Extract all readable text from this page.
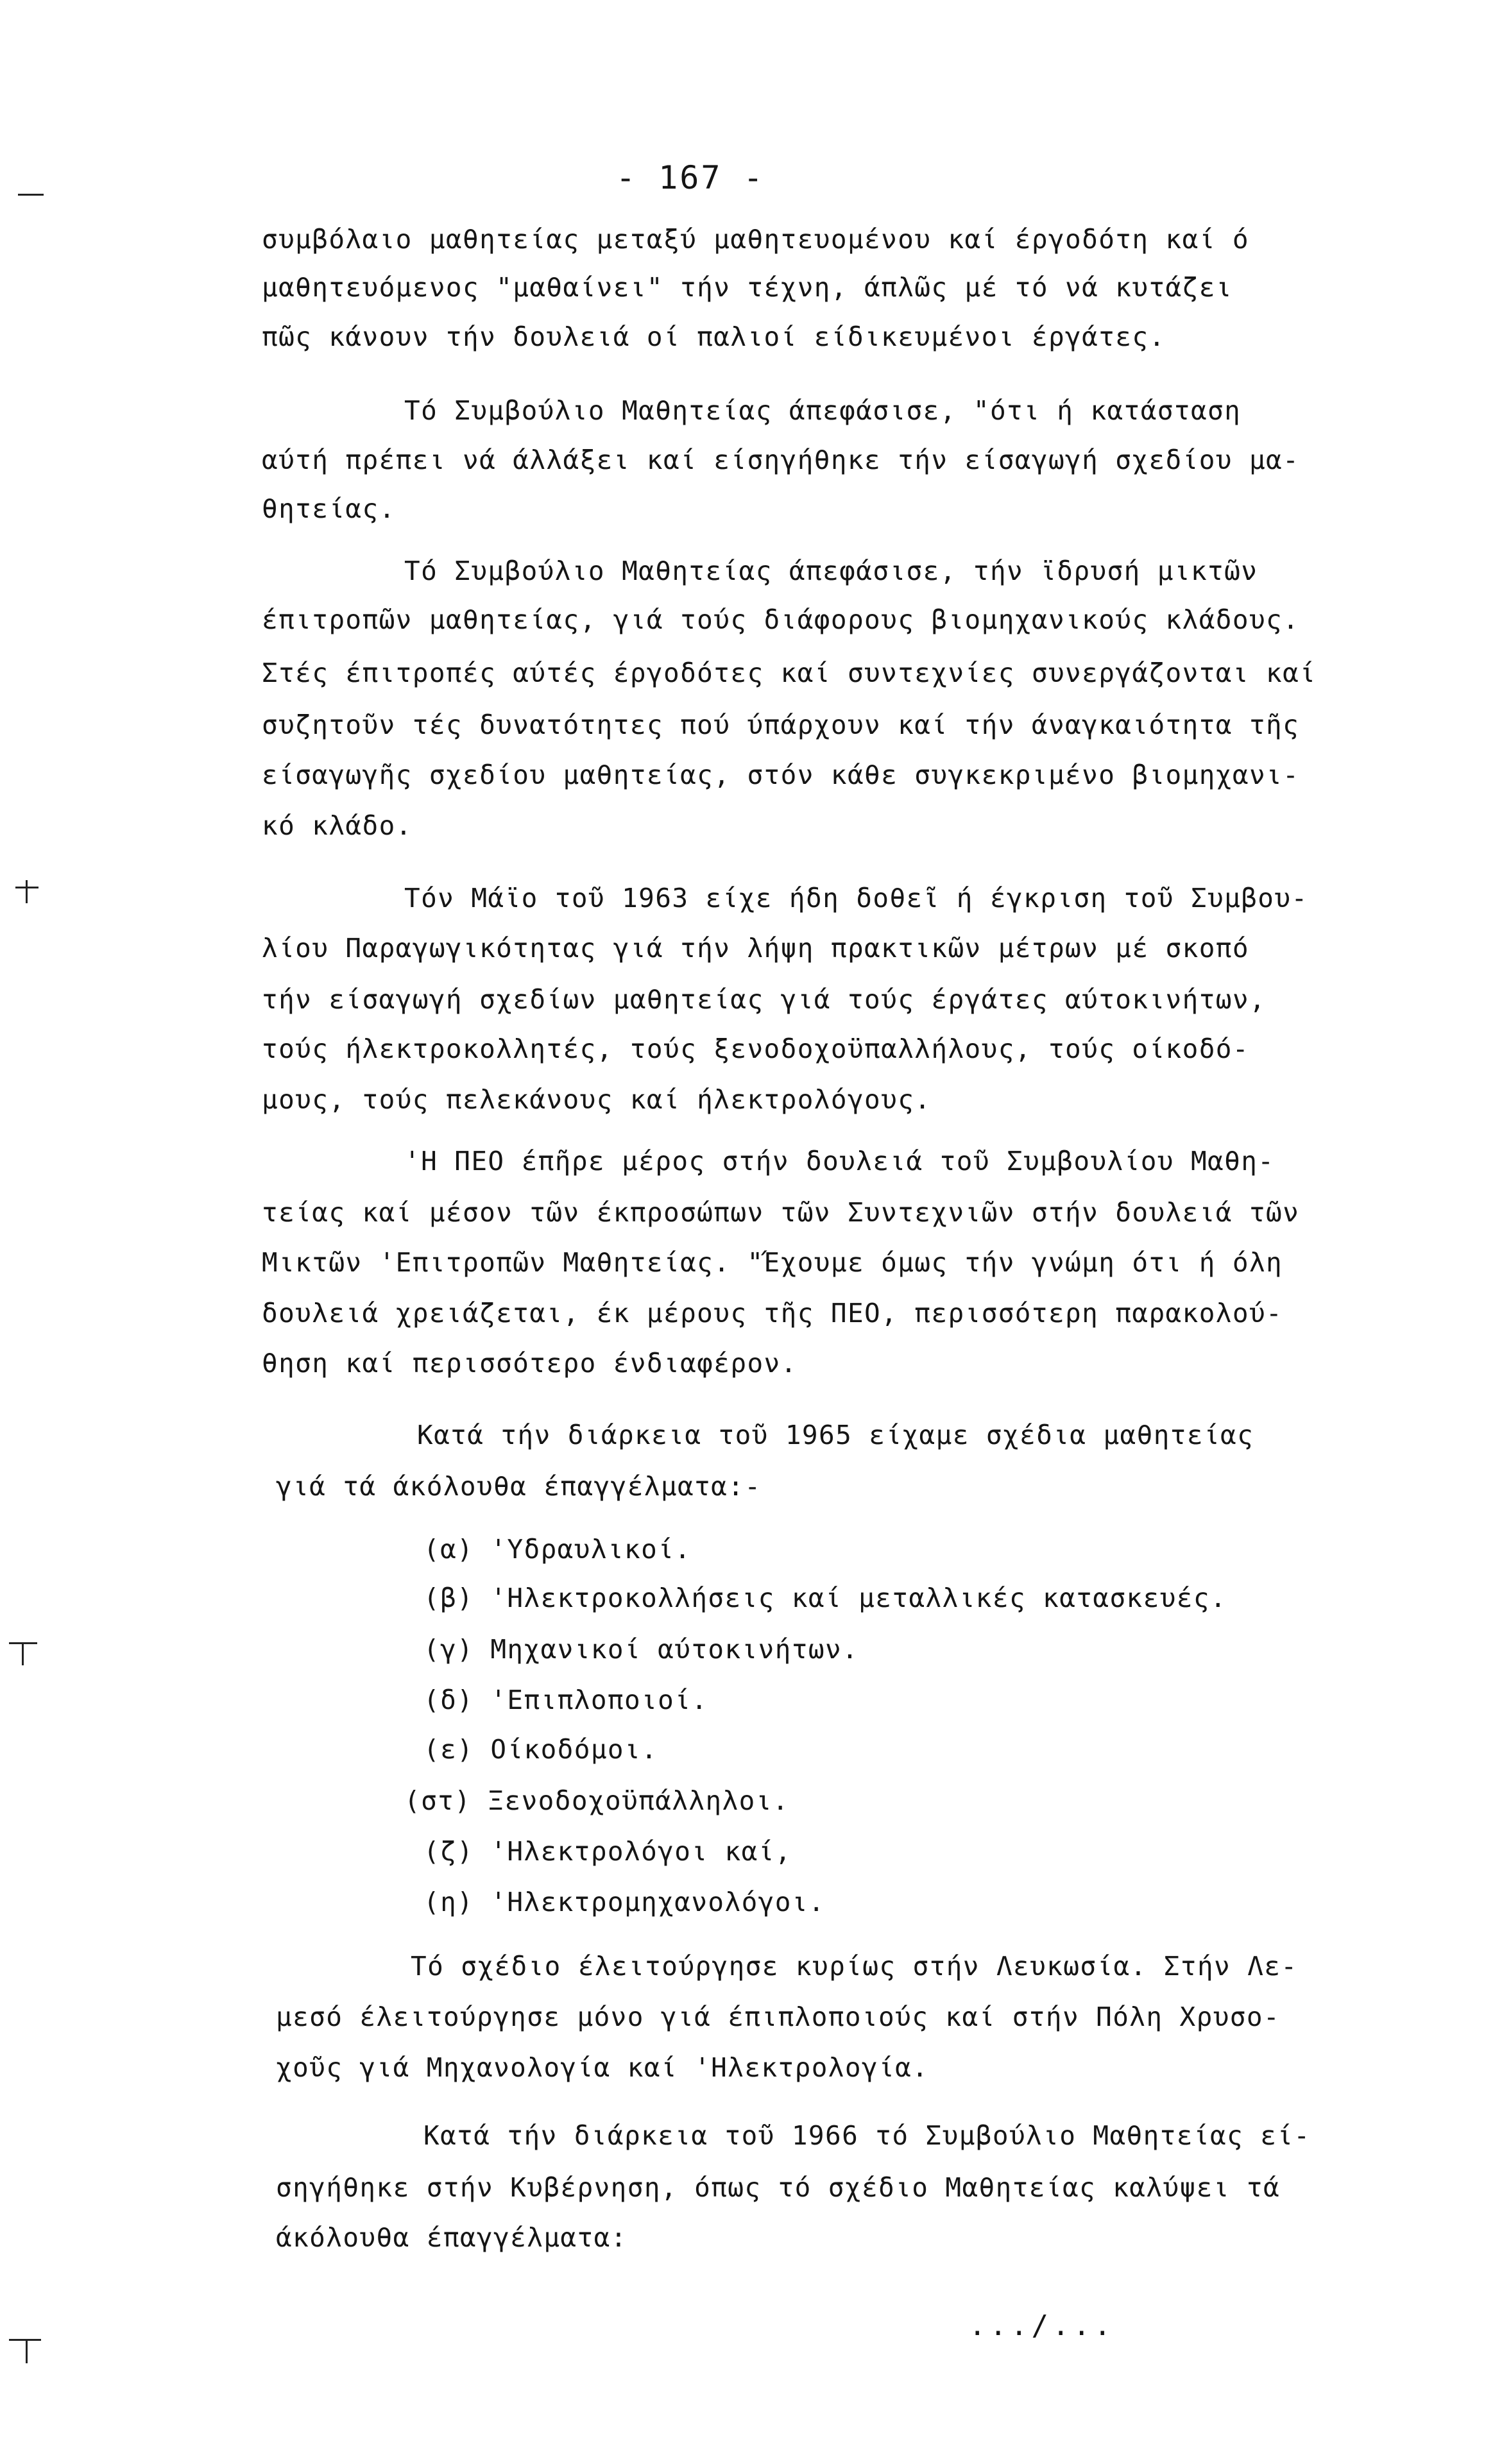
- 167 -
συμβόλαιο μαθητείας μεταξύ μαθητευομένου καί έργοδότη καί ό
μαθητευόμενος "μαθαίνει" τήν τέχνη, άπλῶς μέ τό νά κυτάζει
πῶς κάνουν τήν δουλειά οί παλιοί είδικευμένοι έργάτες.
Τό Συμβούλιο Μαθητείας άπεφάσισε, "ότι ή κατάσταση
αύτή πρέπει νά άλλάξει καί είσηγήθηκε τήν είσαγωγή σχεδίου μα-
θητείας.
Τό Συμβούλιο Μαθητείας άπεφάσισε, τήν ϊδρυσή μικτῶν
έπιτροπῶν μαθητείας, γιά τούς διάφορους βιομηχανικούς κλάδους.
Στές έπιτροπές αύτές έργοδότες καί συντεχνίες συνεργάζονται καί
συζητοῦν τές δυνατότητες πού ύπάρχουν καί τήν άναγκαιότητα τῆς
είσαγωγῆς σχεδίου μαθητείας, στόν κάθε συγκεκριμένο βιομηχανι-
κό κλάδο.
Τόν Μάϊο τοῦ 1963 είχε ήδη δοθεῖ ή έγκριση τοῦ Συμβου-
λίου Παραγωγικότητας γιά τήν λήψη πρακτικῶν μέτρων μέ σκοπό
τήν είσαγωγή σχεδίων μαθητείας γιά τούς έργάτες αύτοκινήτων,
τούς ήλεκτροκολλητές, τούς ξενοδοχοϋπαλλήλους, τούς οίκοδό-
μους, τούς πελεκάνους καί ήλεκτρολόγους.
'Η ΠΕΟ έπῆρε μέρος στήν δουλειά τοῦ Συμβουλίου Μαθη-
τείας καί μέσον τῶν έκπροσώπων τῶν Συντεχνιῶν στήν δουλειά τῶν
Μικτῶν 'Επιτροπῶν Μαθητείας. "Έχουμε όμως τήν γνώμη ότι ή όλη
δουλειά χρειάζεται, έκ μέρους τῆς ΠΕΟ, περισσότερη παρακολού-
θηση καί περισσότερο ένδιαφέρον.
Κατά τήν διάρκεια τοῦ 1965 είχαμε σχέδια μαθητείας
γιά τά άκόλουθα έπαγγέλματα:-
(α) 'Υδραυλικοί.
(β) 'Ηλεκτροκολλήσεις καί μεταλλικές κατασκευές.
(γ) Μηχανικοί αύτοκινήτων.
(δ) 'Επιπλοποιοί.
(ε) Οίκοδόμοι.
(στ) Ξενοδοχοϋπάλληλοι.
(ζ) 'Ηλεκτρολόγοι καί,
(η) 'Ηλεκτρομηχανολόγοι.
Τό σχέδιο έλειτούργησε κυρίως στήν Λευκωσία. Στήν Λε-
μεσό έλειτούργησε μόνο γιά έπιπλοποιούς καί στήν Πόλη Χρυσο-
χοῦς γιά Μηχανολογία καί 'Ηλεκτρολογία.
Κατά τήν διάρκεια τοῦ 1966 τό Συμβούλιο Μαθητείας εί-
σηγήθηκε στήν Κυβέρνηση, όπως τό σχέδιο Μαθητείας καλύψει τά
άκόλουθα έπαγγέλματα:
.../...
